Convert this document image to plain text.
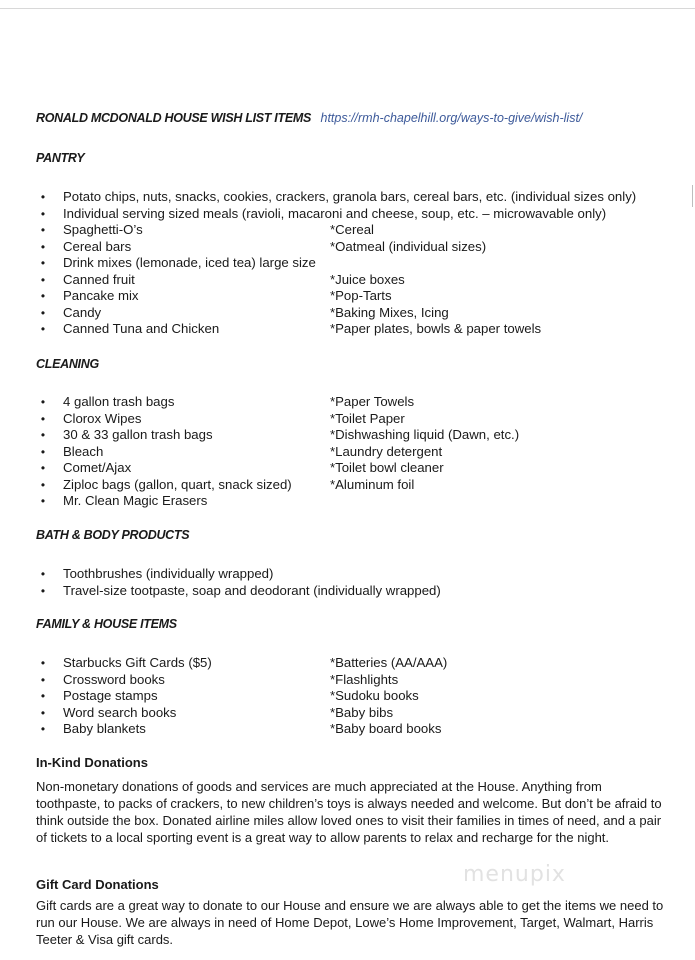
RONALD MCDONALD HOUSE WISH LIST ITEMS https://rmh-chapelhill.org/ways-to-give/wish-list/
PANTRY
•	Potato chips, nuts, snacks, cookies, crackers, granola bars, cereal bars, etc. (individual sizes only)
•	Individual serving sized meals (ravioli, macaroni and cheese, soup, etc. – microwavable only)
•	Spaghetti-O’s	*Cereal
•	Cereal bars	*Oatmeal (individual sizes)
•	Drink mixes (lemonade, iced tea) large size
•	Canned fruit	*Juice boxes
•	Pancake mix	*Pop-Tarts
•	Candy	*Baking Mixes, Icing
•	Canned Tuna and Chicken	*Paper plates, bowls & paper towels
CLEANING
•	4 gallon trash bags	*Paper Towels
•	Clorox Wipes	*Toilet Paper
•	30 & 33 gallon trash bags	*Dishwashing liquid (Dawn, etc.)
•	Bleach	*Laundry detergent
•	Comet/Ajax	*Toilet bowl cleaner
•	Ziploc bags (gallon, quart, snack sized)	*Aluminum foil
•	Mr. Clean Magic Erasers
BATH & BODY PRODUCTS
•	Toothbrushes (individually wrapped)
•	Travel-size tootpaste, soap and deodorant (individually wrapped)
FAMILY & HOUSE ITEMS
•	Starbucks Gift Cards ($5)	*Batteries (AA/AAA)
•	Crossword books	*Flashlights
•	Postage stamps	*Sudoku books
•	Word search books	*Baby bibs
•	Baby blankets	*Baby board books
In-Kind Donations
Non-monetary donations of goods and services are much appreciated at the House. Anything from toothpaste, to packs of crackers, to new children’s toys is always needed and welcome. But don’t be afraid to think outside the box. Donated airline miles allow loved ones to visit their families in times of need, and a pair of tickets to a local sporting event is a great way to allow parents to relax and recharge for the night.
Gift Card Donations
Gift cards are a great way to donate to our House and ensure we are always able to get the items we need to run our House. We are always in need of Home Depot, Lowe’s Home Improvement, Target, Walmart, Harris Teeter & Visa gift cards.
menupix
